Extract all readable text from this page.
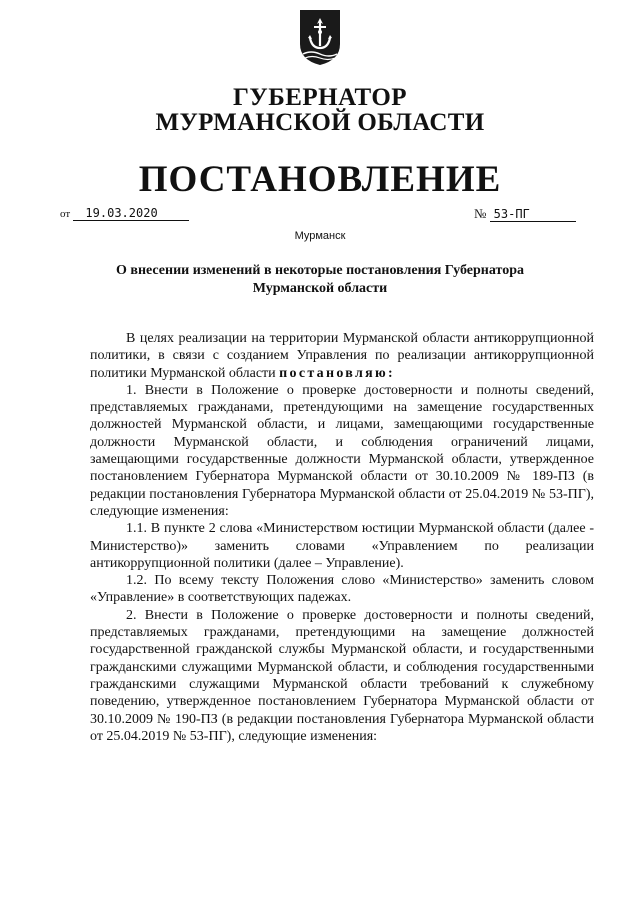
ГУБЕРНАТОР
МУРМАНСКОЙ ОБЛАСТИ
ПОСТАНОВЛЕНИЕ
от 19.03.2020	№ 53-ПГ
Мурманск
О внесении изменений в некоторые постановления Губернатора
Мурманской области

В целях реализации на территории Мурманской области антикоррупционной политики, в связи с созданием Управления по реализации антикоррупционной политики Мурманской области постановляю:

1. Внести в Положение о проверке достоверности и полноты сведений, представляемых гражданами, претендующими на замещение государственных должностей Мурманской области, и лицами, замещающими государственные должности Мурманской области, и соблюдения ограничений лицами, замещающими государственные должности Мурманской области, утвержденное постановлением Губернатора Мурманской области от 30.10.2009 № 189-ПЗ (в редакции постановления Губернатора Мурманской области от 25.04.2019 № 53-ПГ), следующие изменения:

1.1. В пункте 2 слова «Министерством юстиции Мурманской области (далее - Министерство)» заменить словами «Управлением по реализации антикоррупционной политики (далее – Управление).

1.2. По всему тексту Положения слово «Министерство» заменить словом «Управление» в соответствующих падежах.

2. Внести в Положение о проверке достоверности и полноты сведений, представляемых гражданами, претендующими на замещение должностей государственной гражданской службы Мурманской области, и государственными гражданскими служащими Мурманской области, и соблюдения государственными гражданскими служащими Мурманской области требований к служебному поведению, утвержденное постановлением Губернатора Мурманской области от 30.10.2009 № 190-ПЗ (в редакции постановления Губернатора Мурманской области от 25.04.2019 № 53-ПГ), следующие изменения:
